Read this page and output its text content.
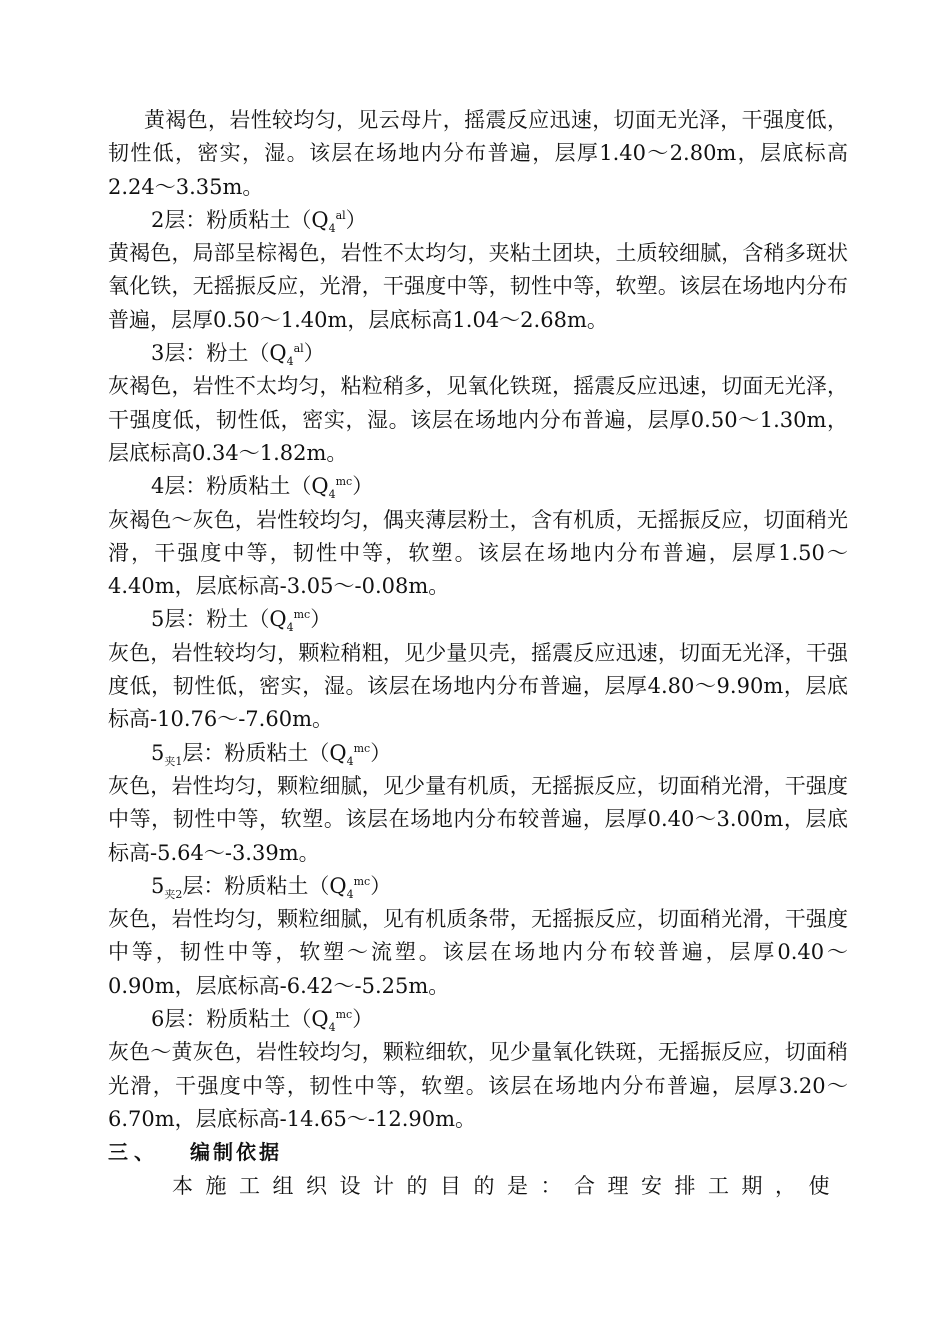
黄褐色，岩性较均匀，见云母片，摇震反应迅速，切面无光泽，干强度低，韧性低，密实，湿。该层在场地内分布普遍，层厚1.40～2.80m，层底标高2.24～3.35m。

2层：粉质粘土$(Q_4^{al})$

黄褐色，局部呈棕褐色，岩性不太均匀，夹粘土团块，土质较细腻，含稍多斑状氧化铁，无摇振反应，光滑，干强度中等，韧性中等，软塑。该层在场地内分布普遍，层厚0.50～1.40m，层底标高1.04～2.68m。

3层：粉土$(Q_4^{al})$

灰褐色，岩性不太均匀，粘粒稍多，见氧化铁斑，摇震反应迅速，切面无光泽，干强度低，韧性低，密实，湿。该层在场地内分布普遍，层厚0.50～1.30m，层底标高0.34～1.82m。

4层：粉质粘土$(Q_4^{mc})$

灰褐色～灰色，岩性较均匀，偶夹薄层粉土，含有机质，无摇振反应，切面稍光滑，干强度中等，韧性中等，软塑。该层在场地内分布普遍，层厚1.50～4.40m，层底标高-3.05～-0.08m。

5层：粉土$(Q_4^{mc})$

灰色，岩性较均匀，颗粒稍粗，见少量贝壳，摇震反应迅速，切面无光泽，干强度低，韧性低，密实，湿。该层在场地内分布普遍，层厚4.80～9.90m，层底标高-10.76～-7.60m。

$5_{夹1}$层：粉质粘土$(Q_4^{mc})$

灰色，岩性均匀，颗粒细腻，见少量有机质，无摇振反应，切面稍光滑，干强度中等，韧性中等，软塑。该层在场地内分布较普遍，层厚0.40～3.00m，层底标高-5.64～-3.39m。

$5_{夹2}$层：粉质粘土$(Q_4^{mc})$

灰色，岩性均匀，颗粒细腻，见有机质条带，无摇振反应，切面稍光滑，干强度中等，韧性中等，软塑～流塑。该层在场地内分布较普遍，层厚0.40～0.90m，层底标高-6.42～-5.25m。

6层：粉质粘土$(Q_4^{mc})$

灰色～黄灰色，岩性较均匀，颗粒细软，见少量氧化铁斑，无摇振反应，切面稍光滑，干强度中等，韧性中等，软塑。该层在场地内分布普遍，层厚3.20～6.70m，层底标高-14.65～-12.90m。

三、 编制依据

本施工组织设计的目的是：合理安排工期，使
